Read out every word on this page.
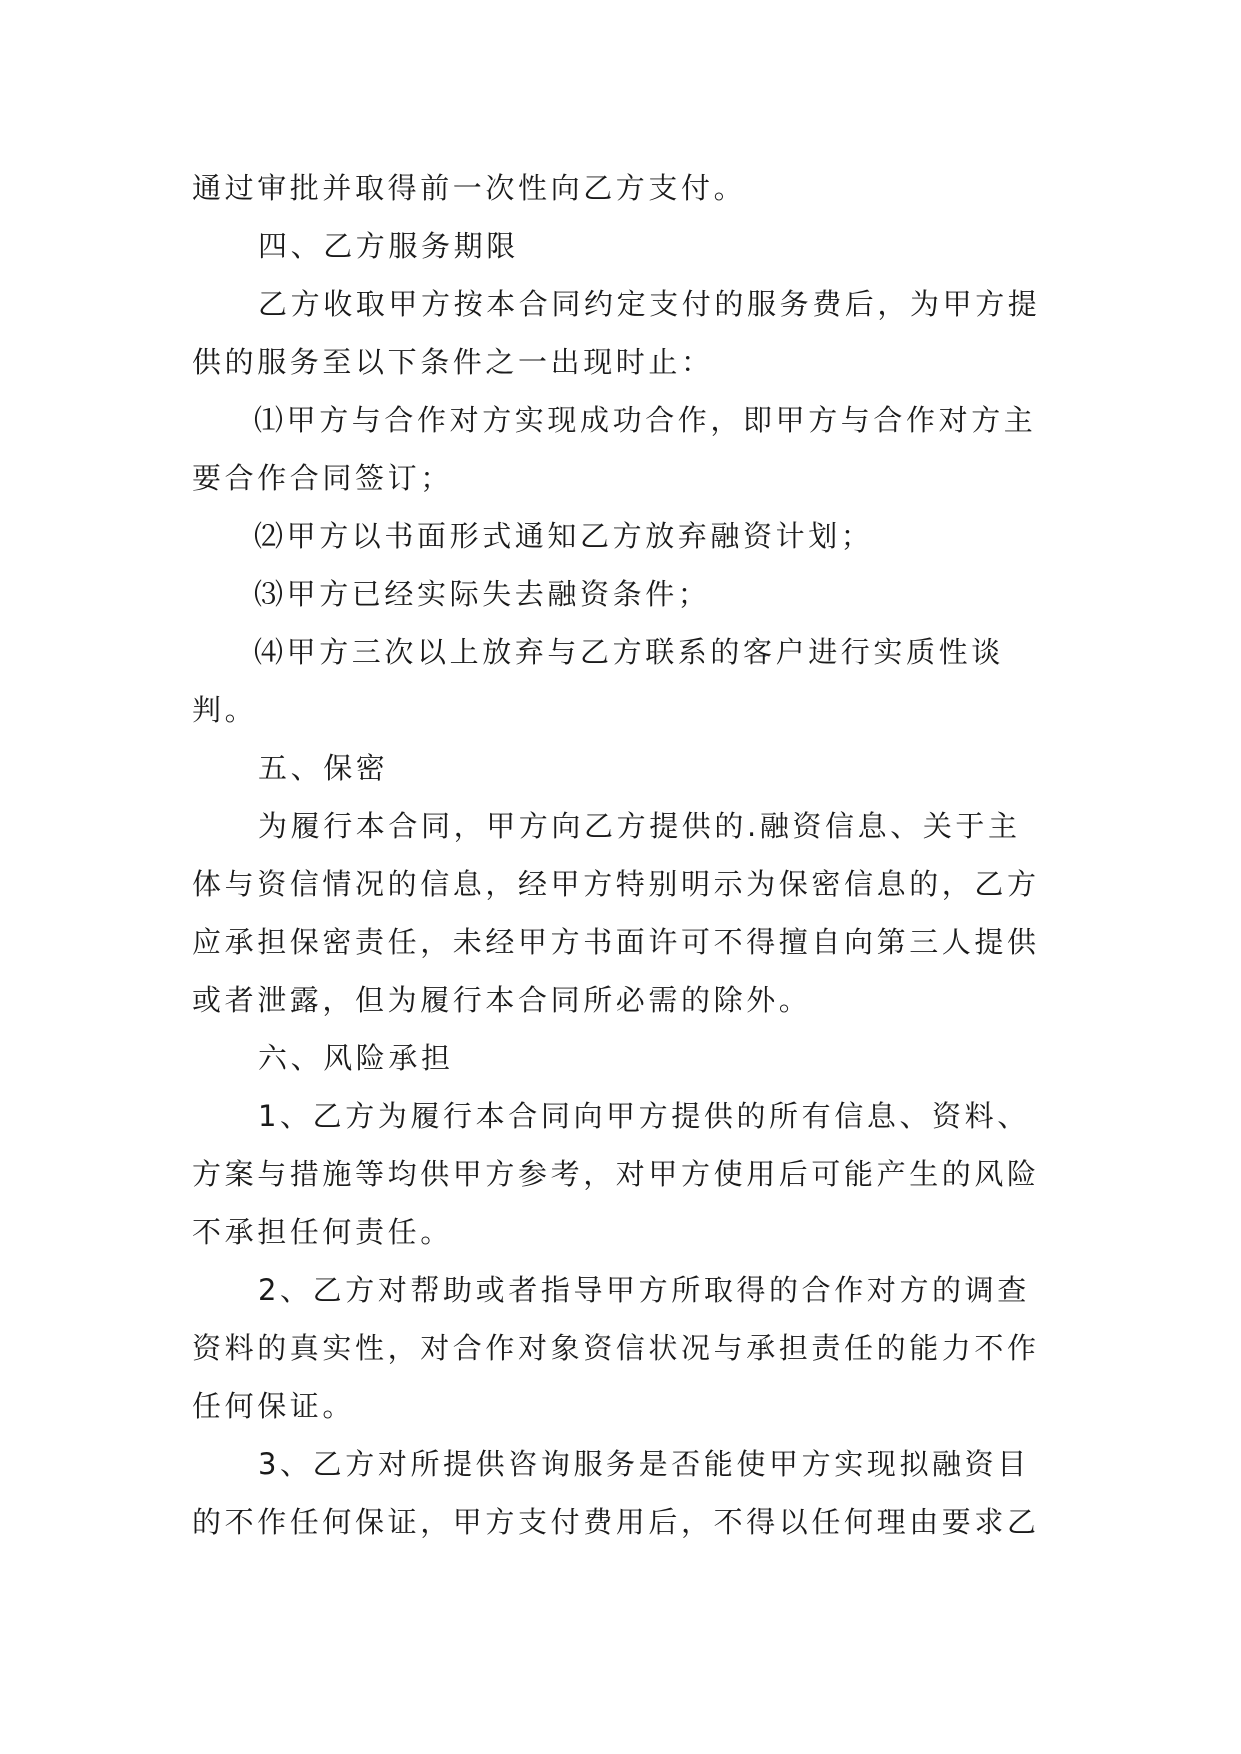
通过审批并取得前一次性向乙方支付。
四、乙方服务期限
乙方收取甲方按本合同约定支付的服务费后，为甲方提
供的服务至以下条件之一出现时止：
⑴甲方与合作对方实现成功合作，即甲方与合作对方主
要合作合同签订；
⑵甲方以书面形式通知乙方放弃融资计划；
⑶甲方已经实际失去融资条件；
⑷甲方三次以上放弃与乙方联系的客户进行实质性谈
判。
五、保密
为履行本合同，甲方向乙方提供的.融资信息、关于主
体与资信情况的信息，经甲方特别明示为保密信息的，乙方
应承担保密责任，未经甲方书面许可不得擅自向第三人提供
或者泄露，但为履行本合同所必需的除外。
六、风险承担
1、乙方为履行本合同向甲方提供的所有信息、资料、
方案与措施等均供甲方参考，对甲方使用后可能产生的风险
不承担任何责任。
2、乙方对帮助或者指导甲方所取得的合作对方的调查
资料的真实性，对合作对象资信状况与承担责任的能力不作
任何保证。
3、乙方对所提供咨询服务是否能使甲方实现拟融资目
的不作任何保证，甲方支付费用后，不得以任何理由要求乙
